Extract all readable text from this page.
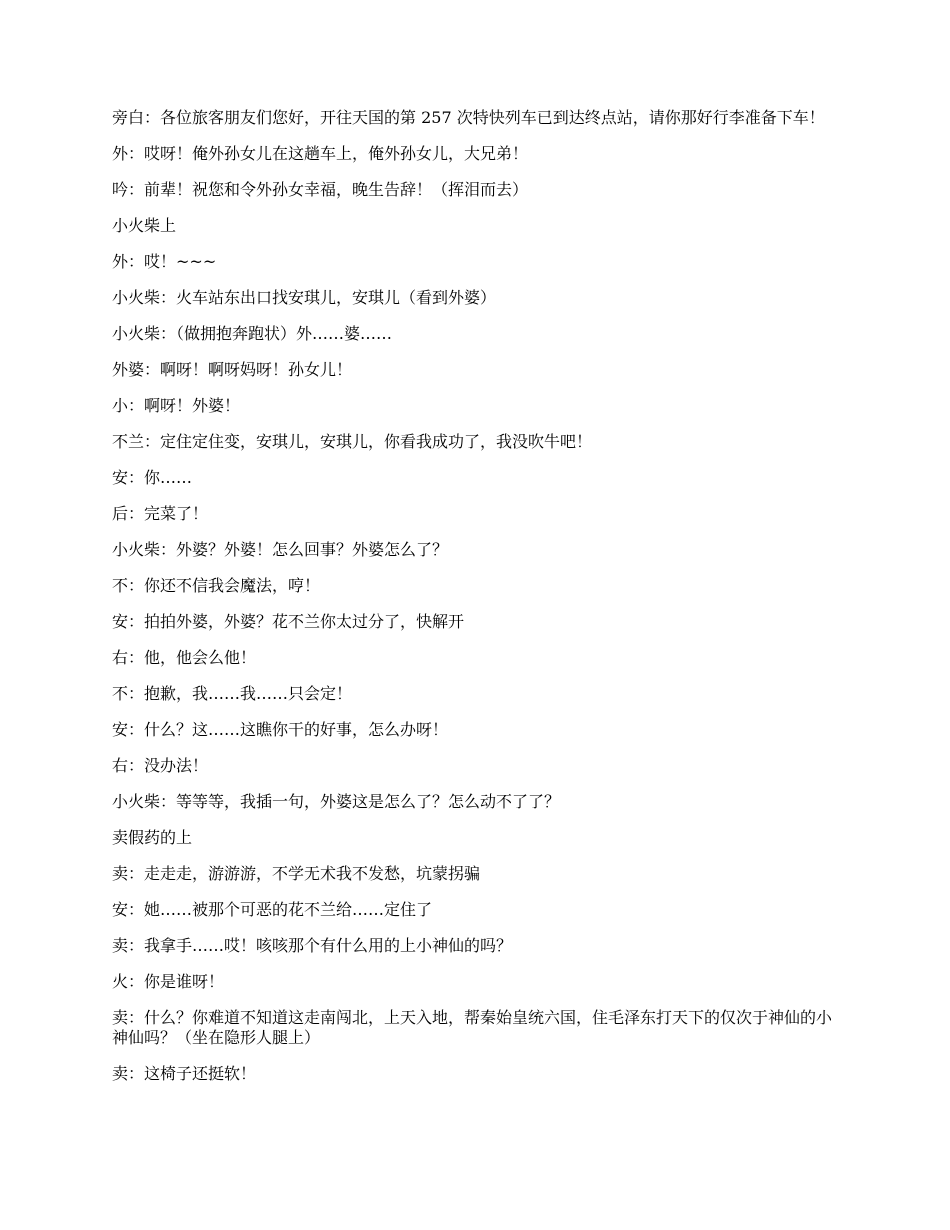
旁白：各位旅客朋友们您好，开往天国的第 257 次特快列车已到达终点站，请你那好行李准备下车！

外：哎呀！俺外孙女儿在这趟车上，俺外孙女儿，大兄弟！

吟：前辈！祝您和令外孙女幸福，晚生告辞！（挥泪而去）

小火柴上

外：哎！~~~

小火柴：火车站东出口找安琪儿，安琪儿（看到外婆）

小火柴：（做拥抱奔跑状）外……婆……

外婆：啊呀！啊呀妈呀！孙女儿！

小：啊呀！外婆！

不兰：定住定住变，安琪儿，安琪儿，你看我成功了，我没吹牛吧！

安：你……

后：完菜了！

小火柴：外婆？外婆！怎么回事？外婆怎么了？

不：你还不信我会魔法，哼！

安：拍拍外婆，外婆？花不兰你太过分了，快解开

右：他，他会么他！

不：抱歉，我……我……只会定！

安：什么？这……这瞧你干的好事，怎么办呀！

右：没办法！

小火柴：等等等，我插一句，外婆这是怎么了？怎么动不了了？

卖假药的上

卖：走走走，游游游，不学无术我不发愁，坑蒙拐骗

安：她……被那个可恶的花不兰给……定住了

卖：我拿手……哎！咳咳那个有什么用的上小神仙的吗？

火：你是谁呀！

卖：什么？你难道不知道这走南闯北，上天入地，帮秦始皇统六国，住毛泽东打天下的仅次于神仙的小神仙吗？（坐在隐形人腿上）

卖：这椅子还挺软！
